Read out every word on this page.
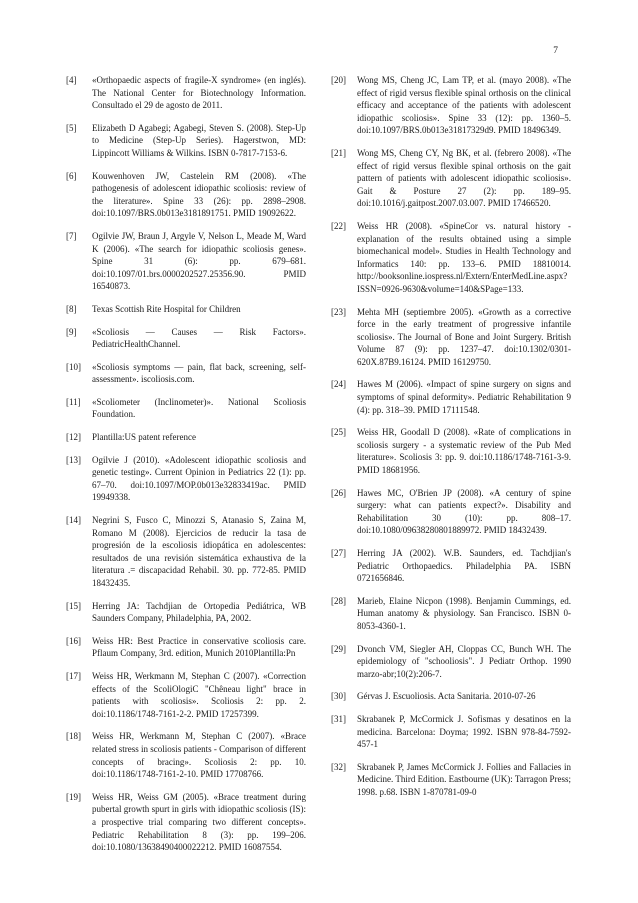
7

[4] «Orthopaedic aspects of fragile-X syndrome» (en inglés). The National Center for Biotechnology Information. Consultado el 29 de agosto de 2011.

[5] Elizabeth D Agabegi; Agabegi, Steven S. (2008). Step-Up to Medicine (Step-Up Series). Hagerstwon, MD: Lippincott Williams & Wilkins. ISBN 0-7817-7153-6.

[6] Kouwenhoven JW, Castelein RM (2008). «The pathogenesis of adolescent idiopathic scoliosis: review of the literature». Spine 33 (26): pp. 2898–2908. doi:10.1097/BRS.0b013e3181891751. PMID 19092622.

[7] Ogilvie JW, Braun J, Argyle V, Nelson L, Meade M, Ward K (2006). «The search for idiopathic scoliosis genes». Spine 31 (6): pp. 679–681. doi:10.1097/01.brs.0000202527.25356.90. PMID 16540873.

[8] Texas Scottish Rite Hospital for Children

[9] «Scoliosis — Causes — Risk Factors». PediatricHealthChannel.

[10] «Scoliosis symptoms — pain, flat back, screening, self-assessment». iscoliosis.com.

[11] «Scoliometer (Inclinometer)». National Scoliosis Foundation.

[12] Plantilla:US patent reference

[13] Ogilvie J (2010). «Adolescent idiopathic scoliosis and genetic testing». Current Opinion in Pediatrics 22 (1): pp. 67–70. doi:10.1097/MOP.0b013e32833419ac. PMID 19949338.

[14] Negrini S, Fusco C, Minozzi S, Atanasio S, Zaina M, Romano M (2008). Ejercicios de reducir la tasa de progresión de la escoliosis idiopática en adolescentes: resultados de una revisión sistemática exhaustiva de la literatura .= discapacidad Rehabil. 30. pp. 772-85. PMID 18432435.

[15] Herring JA: Tachdjian de Ortopedia Pediátrica, WB Saunders Company, Philadelphia, PA, 2002.

[16] Weiss HR: Best Practice in conservative scoliosis care. Pflaum Company, 3rd. edition, Munich 2010Plantilla:Pn

[17] Weiss HR, Werkmann M, Stephan C (2007). «Correction effects of the ScoliOlogiC "Chêneau light" brace in patients with scoliosis». Scoliosis 2: pp. 2. doi:10.1186/1748-7161-2-2. PMID 17257399.

[18] Weiss HR, Werkmann M, Stephan C (2007). «Brace related stress in scoliosis patients - Comparison of different concepts of bracing». Scoliosis 2: pp. 10. doi:10.1186/1748-7161-2-10. PMID 17708766.

[19] Weiss HR, Weiss GM (2005). «Brace treatment during pubertal growth spurt in girls with idiopathic scoliosis (IS): a prospective trial comparing two different concepts». Pediatric Rehabilitation 8 (3): pp. 199–206. doi:10.1080/13638490400022212. PMID 16087554.

[20] Wong MS, Cheng JC, Lam TP, et al. (mayo 2008). «The effect of rigid versus flexible spinal orthosis on the clinical efficacy and acceptance of the patients with adolescent idiopathic scoliosis». Spine 33 (12): pp. 1360–5. doi:10.1097/BRS.0b013e31817329d9. PMID 18496349.

[21] Wong MS, Cheng CY, Ng BK, et al. (febrero 2008). «The effect of rigid versus flexible spinal orthosis on the gait pattern of patients with adolescent idiopathic scoliosis». Gait & Posture 27 (2): pp. 189–95. doi:10.1016/j.gaitpost.2007.03.007. PMID 17466520.

[22] Weiss HR (2008). «SpineCor vs. natural history - explanation of the results obtained using a simple biomechanical model». Studies in Health Technology and Informatics 140: pp. 133–6. PMID 18810014. http://booksonline.iospress.nl/Extern/EnterMedLine.aspx?ISSN=0926-9630&volume=140&SPage=133.

[23] Mehta MH (septiembre 2005). «Growth as a corrective force in the early treatment of progressive infantile scoliosis». The Journal of Bone and Joint Surgery. British Volume 87 (9): pp. 1237–47. doi:10.1302/0301-620X.87B9.16124. PMID 16129750.

[24] Hawes M (2006). «Impact of spine surgery on signs and symptoms of spinal deformity». Pediatric Rehabilitation 9 (4): pp. 318–39. PMID 17111548.

[25] Weiss HR, Goodall D (2008). «Rate of complications in scoliosis surgery - a systematic review of the Pub Med literature». Scoliosis 3: pp. 9. doi:10.1186/1748-7161-3-9. PMID 18681956.

[26] Hawes MC, O'Brien JP (2008). «A century of spine surgery: what can patients expect?». Disability and Rehabilitation 30 (10): pp. 808–17. doi:10.1080/09638280801889972. PMID 18432439.

[27] Herring JA (2002). W.B. Saunders, ed. Tachdjian's Pediatric Orthopaedics. Philadelphia PA. ISBN 0721656846.

[28] Marieb, Elaine Nicpon (1998). Benjamin Cummings, ed. Human anatomy & physiology. San Francisco. ISBN 0-8053-4360-1.

[29] Dvonch VM, Siegler AH, Cloppas CC, Bunch WH. The epidemiology of "schooliosis". J Pediatr Orthop. 1990 marzo-abr;10(2):206-7.

[30] Gérvas J. Escuoliosis. Acta Sanitaria. 2010-07-26

[31] Skrabanek P, McCormick J. Sofismas y desatinos en la medicina. Barcelona: Doyma; 1992. ISBN 978-84-7592-457-1

[32] Skrabanek P, James McCormick J. Follies and Fallacies in Medicine. Third Edition. Eastbourne (UK): Tarragon Press; 1998. p.68. ISBN 1-870781-09-0
